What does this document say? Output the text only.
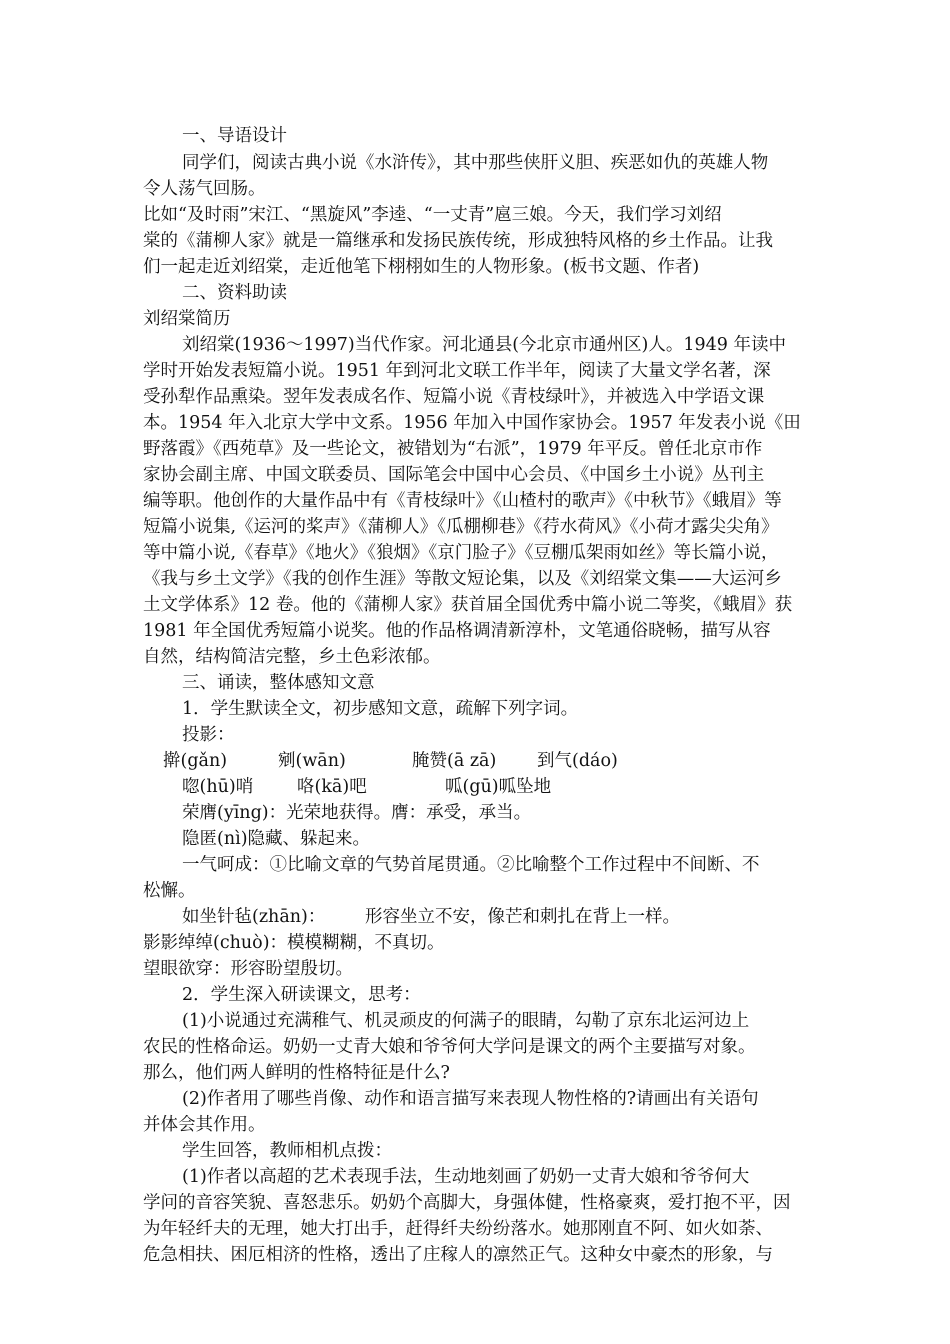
一、导语设计
同学们，阅读古典小说《水浒传》，其中那些侠肝义胆、疾恶如仇的英雄人物
令人荡气回肠。
比如“及时雨”宋江、“黑旋风”李逵、“一丈青”扈三娘。今天，我们学习刘绍
棠的《蒲柳人家》就是一篇继承和发扬民族传统，形成独特风格的乡土作品。让我
们一起走近刘绍棠，走近他笔下栩栩如生的人物形象。(板书文题、作者)
二、资料助读
刘绍棠简历
刘绍棠(1936～1997)当代作家。河北通县(今北京市通州区)人。1949 年读中
学时开始发表短篇小说。1951 年到河北文联工作半年，阅读了大量文学名著，深
受孙犁作品熏染。翌年发表成名作、短篇小说《青枝绿叶》，并被选入中学语文课
本。1954 年入北京大学中文系。1956 年加入中国作家协会。1957 年发表小说《田
野落霞》《西苑草》及一些论文，被错划为“右派”，1979 年平反。曾任北京市作
家协会副主席、中国文联委员、国际笔会中国中心会员、《中国乡土小说》丛刊主
编等职。他创作的大量作品中有《青枝绿叶》《山楂村的歌声》《中秋节》《蛾眉》等
短篇小说集,《运河的桨声》《蒲柳人》《瓜棚柳巷》《荇水荷风》《小荷才露尖尖角》
等中篇小说,《春草》《地火》《狼烟》《京门脸子》《豆棚瓜架雨如丝》等长篇小说，
《我与乡土文学》《我的创作生涯》等散文短论集，以及《刘绍棠文集——大运河乡
土文学体系》12 卷。他的《蒲柳人家》获首届全国优秀中篇小说二等奖，《蛾眉》获
1981 年全国优秀短篇小说奖。他的作品格调清新淳朴，文笔通俗晓畅，描写从容
自然，结构简洁完整，乡土色彩浓郁。
三、诵读，整体感知文意
1．学生默读全文，初步感知文意，疏解下列字词。
投影：
擀(gǎn)	剜(wān)	腌赞(ā zā) 到气(dáo)
唿(hū)哨	咯(kā)吧	呱(gū)呱坠地
荣膺(yīng)：光荣地获得。膺：承受，承当。
隐匿(nì)隐藏、躲起来。
一气呵成：①比喻文章的气势首尾贯通。②比喻整个工作过程中不间断、不
松懈。
如坐针毡(zhān)： 形容坐立不安，像芒和刺扎在背上一样。
影影绰绰(chuò)：模模糊糊，不真切。
望眼欲穿：形容盼望殷切。
2．学生深入研读课文，思考：
(1)小说通过充满稚气、机灵顽皮的何满子的眼睛，勾勒了京东北运河边上
农民的性格命运。奶奶一丈青大娘和爷爷何大学问是课文的两个主要描写对象。
那么，他们两人鲜明的性格特征是什么?
(2)作者用了哪些肖像、动作和语言描写来表现人物性格的?请画出有关语句
并体会其作用。
学生回答，教师相机点拨：
(1)作者以高超的艺术表现手法，生动地刻画了奶奶一丈青大娘和爷爷何大
学问的音容笑貌、喜怒悲乐。奶奶个高脚大，身强体健，性格豪爽，爱打抱不平，因
为年轻纤夫的无理，她大打出手，赶得纤夫纷纷落水。她那刚直不阿、如火如荼、
危急相扶、困厄相济的性格，透出了庄稼人的凛然正气。这种女中豪杰的形象，与
